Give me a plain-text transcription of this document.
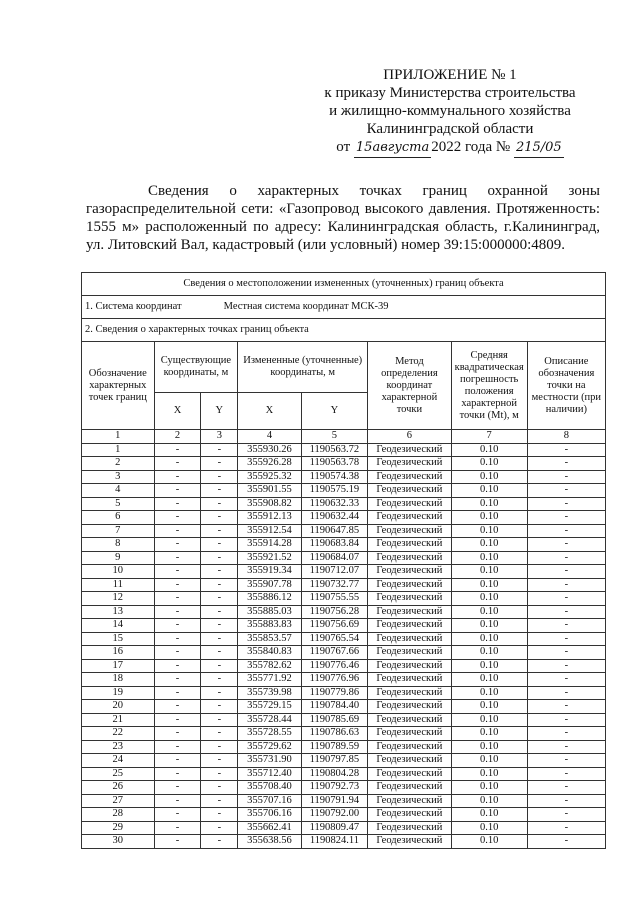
ПРИЛОЖЕНИЕ № 1
к приказу Министерства строительства
и жилищно-коммунального хозяйства
Калининградской области
от 15августа 2022 года № 215/05

Сведения о характерных точках границ охранной зоны газораспределительной сети: «Газопровод высокого давления. Протяженность: 1555 м» расположенный по адресу: Калининградская область, г.Калининград, ул. Литовский Вал, кадастровый (или условный) номер 39:15:000000:4809.

Сведения о местоположении измененных (уточненных) границ объекта							
1. Система координат Местная система координат МСК-39							
2. Сведения о характерных точках границ объекта							
Обозначение характерных точек границ	Существующие координаты, м		Измененные (уточненные) координаты, м		Метод определения координат характерной точки	Средняя квадратическая погрешность положения характерной точки (Mt), м	Описание обозначения точки на местности (при наличии)
	X	Y	X	Y			
1	2	3	4	5	6	7	8
1	-	-	355930.26	1190563.72	Геодезический	0.10	-
2	-	-	355926.28	1190563.78	Геодезический	0.10	-
3	-	-	355925.32	1190574.38	Геодезический	0.10	-
4	-	-	355901.55	1190575.19	Геодезический	0.10	-
5	-	-	355908.82	1190632.33	Геодезический	0.10	-
6	-	-	355912.13	1190632.44	Геодезический	0.10	-
7	-	-	355912.54	1190647.85	Геодезический	0.10	-
8	-	-	355914.28	1190683.84	Геодезический	0.10	-
9	-	-	355921.52	1190684.07	Геодезический	0.10	-
10	-	-	355919.34	1190712.07	Геодезический	0.10	-
11	-	-	355907.78	1190732.77	Геодезический	0.10	-
12	-	-	355886.12	1190755.55	Геодезический	0.10	-
13	-	-	355885.03	1190756.28	Геодезический	0.10	-
14	-	-	355883.83	1190756.69	Геодезический	0.10	-
15	-	-	355853.57	1190765.54	Геодезический	0.10	-
16	-	-	355840.83	1190767.66	Геодезический	0.10	-
17	-	-	355782.62	1190776.46	Геодезический	0.10	-
18	-	-	355771.92	1190776.96	Геодезический	0.10	-
19	-	-	355739.98	1190779.86	Геодезический	0.10	-
20	-	-	355729.15	1190784.40	Геодезический	0.10	-
21	-	-	355728.44	1190785.69	Геодезический	0.10	-
22	-	-	355728.55	1190786.63	Геодезический	0.10	-
23	-	-	355729.62	1190789.59	Геодезический	0.10	-
24	-	-	355731.90	1190797.85	Геодезический	0.10	-
25	-	-	355712.40	1190804.28	Геодезический	0.10	-
26	-	-	355708.40	1190792.73	Геодезический	0.10	-
27	-	-	355707.16	1190791.94	Геодезический	0.10	-
28	-	-	355706.16	1190792.00	Геодезический	0.10	-
29	-	-	355662.41	1190809.47	Геодезический	0.10	-
30	-	-	355638.56	1190824.11	Геодезический	0.10	-
